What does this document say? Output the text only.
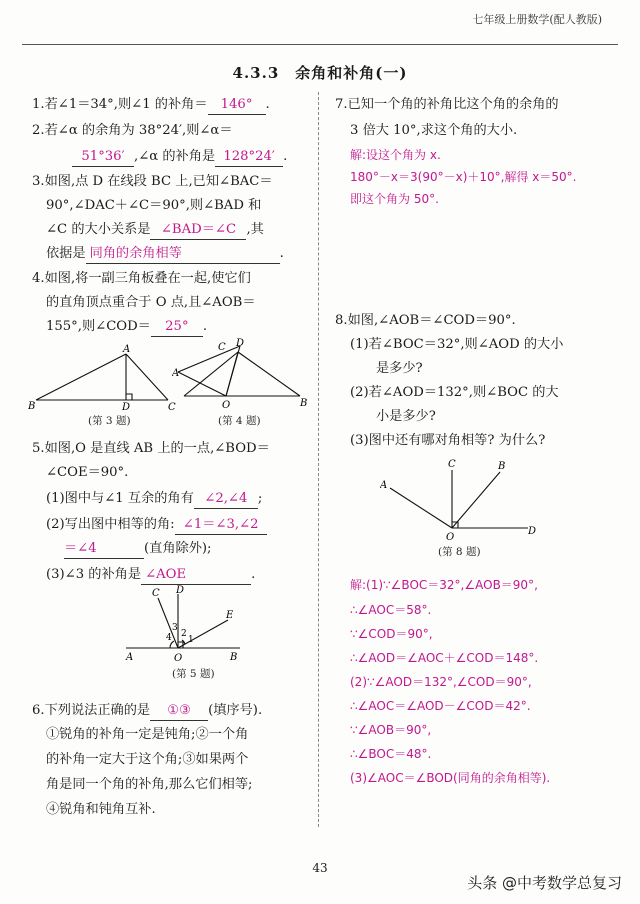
七年级上册数学(配人教版)
4.3.3　余角和补角(一)
1.若∠1＝34°,则∠1 的补角＝ 146° .
2.若∠α 的余角为 38°24′,则∠α＝
51°36′ ,∠α 的补角是 128°24′ .
3.如图,点 D 在线段 BC 上,已知∠BAC＝
90°,∠DAC＋∠C＝90°,则∠BAD 和
∠C 的大小关系是 ∠BAD＝∠C ,其
依据是 同角的余角相等	.
4.如图,将一副三角板叠在一起,使它们
的直角顶点重合于 O 点,且∠AOB＝
155°,则∠COD＝ 25° .
A
B	D	C
(第 3 题)
C D
A
O	B
(第 4 题)
5.如图,O 是直线 AB 上的一点,∠BOD＝
∠COE＝90°.
(1)图中与∠1 互余的角有 ∠2,∠4 ;
(2)写出图中相等的角: ∠1＝∠3,∠2
＝∠4	(直角除外);
(3)∠3 的补角是 ∠AOE	.
C D
E
A	O	B
4
3
2
1
(第 5 题)
6.下列说法正确的是 ①③ (填序号).
①锐角的补角一定是钝角;②一个角
的补角一定大于这个角;③如果两个
角是同一个角的补角,那么它们相等;
④锐角和钝角互补.
7.已知一个角的补角比这个角的余角的
3 倍大 10°,求这个角的大小.
解:设这个角为 x.
180°－x＝3(90°－x)＋10°,解得 x＝50°.
即这个角为 50°.
8.如图,∠AOB＝∠COD＝90°.
(1)若∠BOC＝32°,则∠AOD 的大小
是多少?
(2)若∠AOD＝132°,则∠BOC 的大
小是多少?
(3)图中还有哪对角相等? 为什么?
C	B
A
O
D
(第 8 题)
解:(1)∵∠BOC＝32°,∠AOB＝90°,
∴∠AOC＝58°.
∵∠COD＝90°,
∴∠AOD＝∠AOC＋∠COD＝148°.
(2)∵∠AOD＝132°,∠COD＝90°,
∴∠AOC＝∠AOD－∠COD＝42°.
∵∠AOB＝90°,
∴∠BOC＝48°.
(3)∠AOC＝∠BOD(同角的余角相等).
43
头条 @中考数学总复习
